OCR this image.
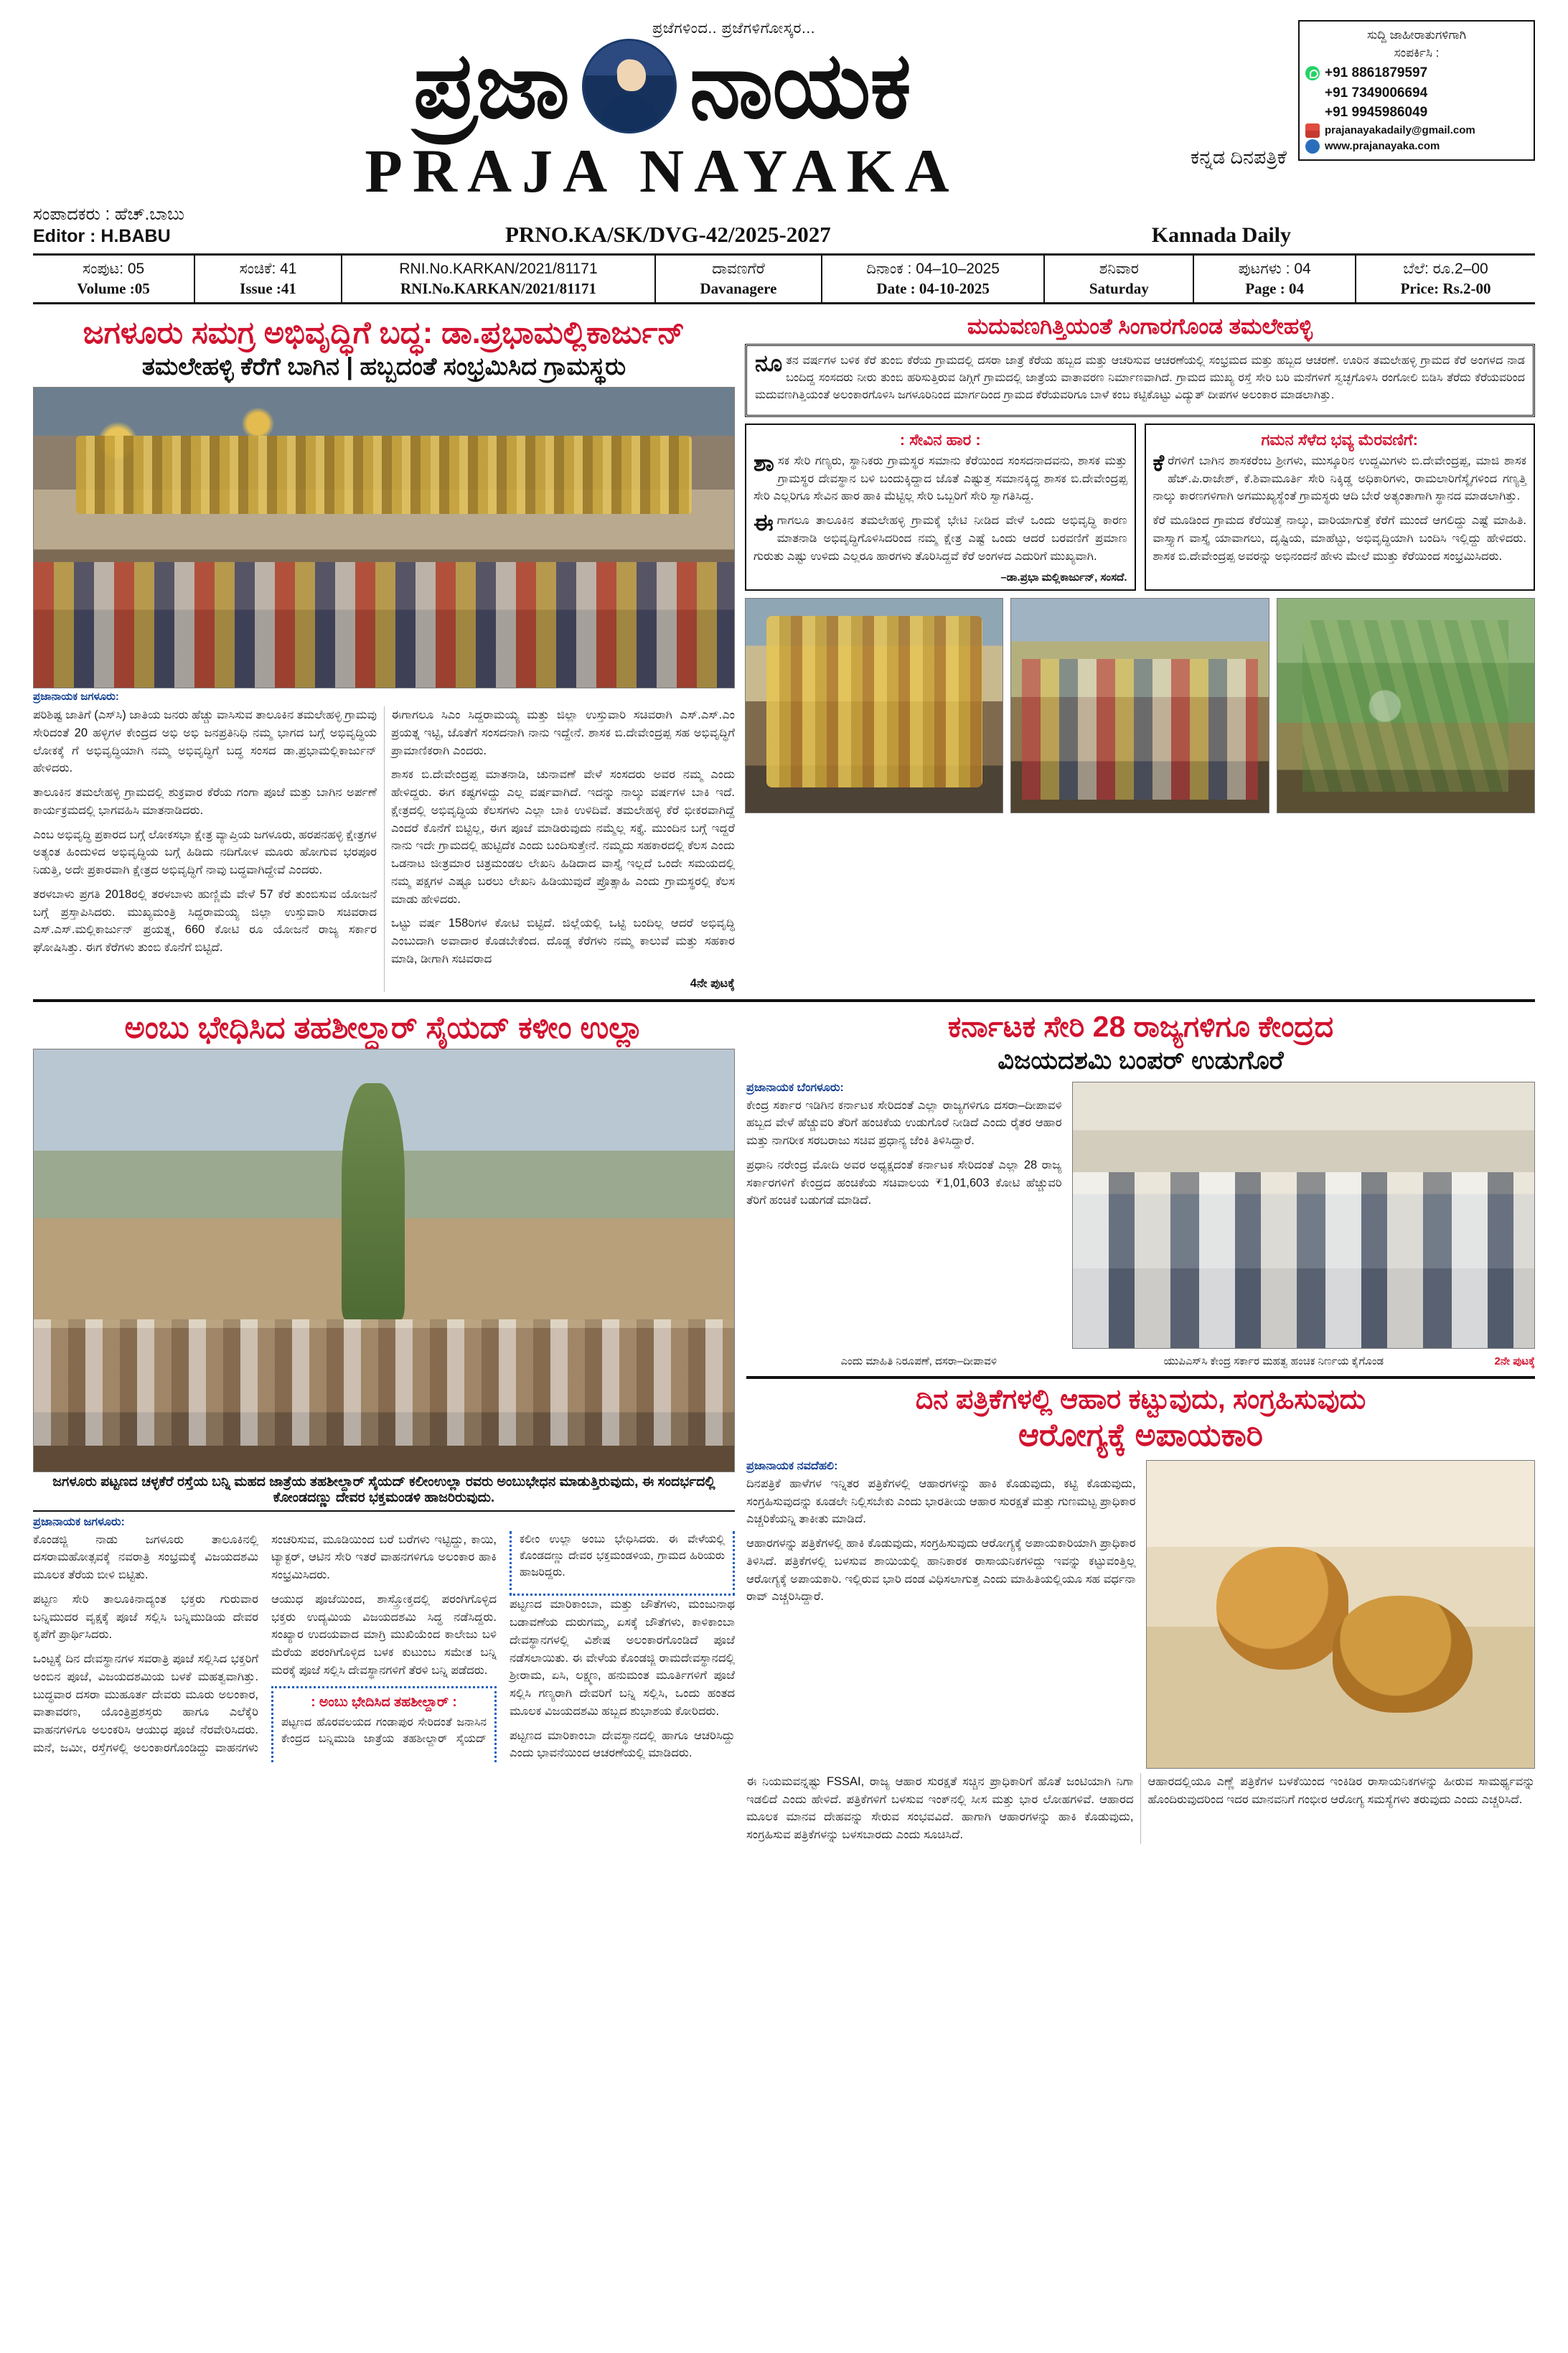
ಪ್ರಜೆಗಳಿಂದ.. ಪ್ರಜೆಗಳಿಗೋಸ್ಕರ...
ಪ್ರಜಾ ನಾಯಕ
ಕನ್ನಡ ದಿನಪತ್ರಿಕೆ
PRAJA NAYAKA
ಸಂಪಾದಕರು : ಹೆಚ್.ಬಾಬು
Editor : H.BABU	PRNO.KA/SK/DVG-42/2025-2027	Kannada Daily
ಸುದ್ದಿ ಜಾಹೀರಾತುಗಳಿಗಾಗಿ
ಸಂಪರ್ಕಿಸಿ :
+91 8861879597
+91 7349006694
+91 9945986049
prajanayakadaily@gmail.com
www.prajanayaka.com
ಸಂಪುಟ: 05
Volume :05
ಸಂಚಿಕೆ: 41
Issue :41
RNI.No.KARKAN/2021/81171
RNI.No.KARKAN/2021/81171
ದಾವಣಗೆರೆ
Davanagere
ದಿನಾಂಕ : 04–10–2025
Date : 04-10-2025
ಶನಿವಾರ
Saturday
ಪುಟಗಳು : 04
Page : 04
ಬೆಲೆ: ರೂ.2–00
Price: Rs.2-00
ಜಗಳೂರು ಸಮಗ್ರ ಅಭಿವೃದ್ಧಿಗೆ ಬದ್ಧ: ಡಾ.ಪ್ರಭಾಮಲ್ಲಿಕಾರ್ಜುನ್
ತಮಲೇಹಳ್ಳಿ ಕೆರೆಗೆ ಬಾಗಿನ | ಹಬ್ಬದಂತೆ ಸಂಭ್ರಮಿಸಿದ ಗ್ರಾಮಸ್ಥರು
ಪ್ರಜಾನಾಯಕ ಜಗಳೂರು:

ಪರಿಶಿಷ್ಟ ಜಾತಿಗೆ (ಎಸ್‌ಸಿ) ಜಾತಿಯ ಜನರು ಹೆಚ್ಚು ವಾಸಿಸುವ ತಾಲೂಕಿನ ತಮಲೇಹಳ್ಳಿ ಗ್ರಾಮವು ಸೇರಿದಂತೆ 20 ಹಳ್ಳಿಗಳ ಕೇಂದ್ರದ ಅಭಿ ಅಭಿ ಜನಪ್ರತಿನಿಧಿ ನಮ್ಮ ಭಾಗದ ಬಗ್ಗೆ ಅಭಿವೃದ್ಧಿಯ ಲೋಕಕ್ಕೆ ಗೆ ಅಭಿವೃದ್ಧಿಯಾಗಿ ನಮ್ಮ ಅಭಿವೃದ್ಧಿಗೆ ಬದ್ಧ ಸಂಸದ ಡಾ.ಪ್ರಭಾಮಲ್ಲಿಕಾರ್ಜುನ್ ಹೇಳಿದರು.

ತಾಲೂಕಿನ ತಮಲೇಹಳ್ಳಿ ಗ್ರಾಮದಲ್ಲಿ ಶುಕ್ರವಾರ ಕೆರೆಯ ಗಂಗಾ ಪೂಜೆ ಮತ್ತು ಬಾಗಿನ ಅರ್ಪಣೆ ಕಾರ್ಯಕ್ರಮದಲ್ಲಿ ಭಾಗವಹಿಸಿ ಮಾತನಾಡಿದರು.

ಎಂಬ ಅಭಿವೃದ್ಧಿ ಪ್ರಕಾರದ ಬಗ್ಗೆ ಲೋಕಸಭಾ ಕ್ಷೇತ್ರ ವ್ಯಾಪ್ತಿಯ ಜಗಳೂರು, ಹರಪನಹಳ್ಳಿ ಕ್ಷೇತ್ರಗಳ ಅತ್ಯಂತ ಹಿಂದುಳಿದ ಅಭಿವೃದ್ಧಿಯ ಬಗ್ಗೆ ಹಿಡಿದು ನದಿಗೋಳ ಮೂರು ಹೋಗುವ ಭರಪೂರ ನಿಡುತ್ತಿ, ಅದೇ ಪ್ರಕಾರವಾಗಿ ಕ್ಷೇತ್ರದ ಅಭಿವೃದ್ಧಿಗೆ ನಾವು ಬದ್ಧವಾಗಿದ್ದೇವೆ ಎಂದರು.

ತರಳಬಾಳು ಪ್ರಗತಿ 2018ರಲ್ಲಿ ತರಳಬಾಳು ಹುಣ್ಣಿಮೆ ವೇಳೆ 57 ಕೆರೆ ತುಂಬಿಸುವ ಯೋಜನೆ ಬಗ್ಗೆ ಪ್ರಸ್ತಾಪಿಸಿದರು. ಮುಖ್ಯಮಂತ್ರಿ ಸಿದ್ದರಾಮಯ್ಯ ಜಿಲ್ಲಾ ಉಸ್ತುವಾರಿ ಸಚಿವರಾದ ಎಸ್.ಎಸ್.ಮಲ್ಲಿಕಾರ್ಜುನ್ ಪ್ರಯತ್ನ, 660 ಕೋಟಿ ರೂ ಯೋಜನೆ ರಾಜ್ಯ ಸರ್ಕಾರ ಘೋಷಿಸಿತ್ತು. ಈಗ ಕೆರೆಗಳು ತುಂಬಿ ಕೊನೆಗೆ ಬಿಟ್ಟಿದೆ.

ಈಗಾಗಲೂ ಸಿಎಂ ಸಿದ್ದರಾಮಯ್ಯ ಮತ್ತು ಜಿಲ್ಲಾ ಉಸ್ತುವಾರಿ ಸಚಿವರಾಗಿ ಎಸ್.ಎಸ್.ಎಂ ಪ್ರಯತ್ನ ಇಟ್ಟಿ, ಜೊತೆಗೆ ಸಂಸದನಾಗಿ ನಾನು ಇದ್ದೇನೆ. ಶಾಸಕ ಬಿ.ದೇವೇಂದ್ರಪ್ಪ ಸಹ ಅಭಿವೃದ್ಧಿಗೆ ಪ್ರಾಮಾಣಿಕರಾಗಿ ಎಂದರು.

ಶಾಸಕ ಬಿ.ದೇವೇಂದ್ರಪ್ಪ ಮಾತನಾಡಿ, ಚುನಾವಣೆ ವೇಳೆ ಸಂಸದರು ಅವರ ನಮ್ಮ ಎಂದು ಹೇಳಿದ್ದರು. ಈಗ ಕಷ್ಟಗಳಿದ್ದು ಎಲ್ಲ ವರ್ಷವಾಗಿದೆ. ಇದನ್ನು ನಾಲ್ಕು ವರ್ಷಗಳ ಬಾಕಿ ಇದೆ. ಕ್ಷೇತ್ರದಲ್ಲಿ ಅಭಿವೃದ್ಧಿಯ ಕೆಲಸಗಳು ಎಲ್ಲಾ ಬಾಕಿ ಉಳಿದಿವೆ. ತಮಲೇಹಳ್ಳಿ ಕೆರೆ ಭೀಕರವಾಗಿದ್ದೆ ಎಂದರೆ ಕೊನೆಗೆ ಬಿಟ್ಟಿಲ್ಲ, ಈಗ ಪೂಜೆ ಮಾಡಿರುವುದು ನಮ್ಮೆಲ್ಲ ಸಕ್ತೈ. ಮುಂದಿನ ಬಗ್ಗೆ ಇದ್ದರೆ ನಾನು ಇದೇ ಗ್ರಾಮದಲ್ಲಿ ಹುಟ್ಟಿದೆಕ ಎಂದು ಬಂದಿಸುತ್ತೇನೆ. ನಮ್ಮದು ಸಹಕಾರದಲ್ಲಿ ಕೆಲಸ ಎಂದು ಒಡನಾಟ ಜೀತ್ರಮಾರ ಚಿತ್ರಮಂಡಲ ಲೇಖನಿ ಹಿಡಿದಾದ ವಾಸ್ತೈ ಇಲ್ಲದೆ ಒಂದೇ ಸಮಯದಲ್ಲಿ ನಮ್ಮ ಪಕ್ಷಗಳ ಎಷ್ಟೂ ಬರಲು ಲೇಖನಿ ಹಿಡಿಯುವುದೆ ಪ್ರೊತ್ಸಾಹಿ ಎಂದು ಗ್ರಾಮಸ್ಥರಲ್ಲಿ ಕೆಲಸ ಮಾಡು ಹೇಳಿದರು.

ಒಟ್ಟು ವರ್ಷ 158ರಿಗಳ ಕೋಟಿ ಬಿಟ್ಟಿದೆ. ಜಿಲ್ಲೆಯಲ್ಲಿ ಒಟ್ಟಿ ಬಂದಿಲ್ಲ ಆದರೆ ಅಭಿವೃದ್ಧಿ ಎಂಬುದಾಗಿ ಅವಾದಾರ ಕೊಡಬೇಕೆಂದ. ದೊಡ್ಡ ಕೆರೆಗಳು ನಮ್ಮ ಕಾಲುವೆ ಮತ್ತು ಸಹಕಾರ ಮಾಡಿ, ಡೀಗಾಗಿ ಸಚಿವರಾದ

4ನೇ ಪುಟಕ್ಕೆ

ಮದುವಣಗಿತ್ತಿಯಂತೆ ಸಿಂಗಾರಗೊಂಡ ತಮಲೇಹಳ್ಳಿ

ನೂತನ ವರ್ಷಗಳ ಬಳಿಕ ಕೆರೆ ತುಂಬಿ ಕೆರೆಯ ಗ್ರಾಮದಲ್ಲಿ ದಸರಾ ಜಾತ್ರೆ ಕೆರೆಯ ಹಬ್ಬದ ಮತ್ತು ಆಚರಿಸುವ ಆಚರಣೆಯಲ್ಲಿ ಸಂಭ್ರಮದ ಮತ್ತು ಹಬ್ಬದ ಆಚರಣೆ. ಊರಿನ ತಮಲೇಹಳ್ಳಿ ಗ್ರಾಮದ ಕೆರೆ ಅಂಗಳದ ನಾಡ ಬಂದಿದ್ದ ಸಂಸದರು ನೀರು ತುಂಬಿ ಹರಿಸುತ್ತಿರುವ ಡಿಗ್ಗಿಗೆ ಗ್ರಾಮದಲ್ಲಿ ಜಾತ್ರೆಯ ವಾತಾವರಣ ನಿರ್ಮಾಣವಾಗಿದೆ. ಗ್ರಾಮದ ಮುಖ್ಯ ರಸ್ತೆ ಸೇರಿ ಬರಿ ಮನೆಗಳಿಗೆ ಸ್ವಚ್ಛಗೊಳಿಸಿ ರಂಗೋಲಿ ಬಿಡಿಸಿ ತೆರೆದು ಕೆರೆಯವರಿಂದ ಮದುವಣಗಿತ್ತಿಯಂತೆ ಅಲಂಕಾರಗೊಳಿಸಿ ಜಗಳೂರಿನಿಂದ ಮಾರ್ಗದಿಂದ ಗ್ರಾಮದ ಕೆರೆಯವರಿಗೂ ಬಾಳೆ ಕಂಬ ಕಟ್ಟಿಕೊಟ್ಟು ವಿದ್ಯುತ್ ದೀಪಗಳ ಅಲಂಕಾರ ಮಾಡಲಾಗಿತ್ತು.

: ಸೇವಿನ ಹಾರ :

ಶಾಸಕ ಸೇರಿ ಗಣ್ಯರು, ಸ್ಥಾನಿಕರು ಗ್ರಾಮಸ್ಥರ ಸಮಾನು ಕೆರೆಯಿಂದ ಸಂಸದನಾದವನು, ಶಾಸಕ ಮತ್ತು ಗ್ರಾಮಸ್ಥರ ದೇವಸ್ಥಾನ ಬಳಿ ಬಂದುಕ್ಕಿದ್ದಾದ ಜೊತೆ ಎಷ್ಟುತ್ತ ಸಮಾನಕ್ಕಿದ್ದ ಶಾಸಕ ಬಿ.ದೇವೇಂದ್ರಪ್ಪ ಸೇರಿ ಎಲ್ಲರಿಗೂ ಸೇವಿನ ಹಾರ ಹಾಕಿ ಮೆಟ್ಟಿಲ್ಲ ಸೇರಿ ಒಬ್ಬರಿಗೆ ಸೇರಿ ಸ್ವಾಗತಿಸಿದ್ದ.

ಈಗಾಗಲೂ ತಾಲೂಕಿನ ತಮಲೇಹಳ್ಳಿ ಗ್ರಾಮಕ್ಕೆ ಭೇಟಿ ನೀಡಿದ ವೇಳೆ ಒಂದು ಅಭಿವೃದ್ಧಿ ಕಾರಣ ಮಾತನಾಡಿ ಅಭಿವೃದ್ಧಿಗೊಳಿಸಿದರಿಂದ ನಮ್ಮ ಕ್ಷೇತ್ರ ಎಷ್ಟೆ ಒಂದು ಆದರೆ ಬರವಣಿಗೆ ಪ್ರಮಾಣ ಗುರುತು ಎಷ್ಟು ಉಳಿದು ಎಲ್ಲರೂ ಹಾರಗಳು ತೊರಿಸಿದ್ದವೆ ಕೆರೆ ಅಂಗಳದ ಎದುರಿಗೆ ಮುಖ್ಯವಾಗಿ.

–ಡಾ.ಪ್ರಭಾ ಮಲ್ಲಿಕಾರ್ಜುನ್, ಸಂಸದೆ.
ಗಮನ ಸೆಳೆದ ಭವ್ಯ ಮೆರವಣಿಗೆ:

ಕೆರೆಗಳಿಗೆ ಬಾಗಿನ ಶಾಸಕರೆಂಬ ಶ್ರೀಗಳು, ಮುಸ್ಕೂರಿನ ಉದ್ದಮಿಗಳು ಬಿ.ದೇವೇಂದ್ರಪ್ಪ, ಮಾಜಿ ಶಾಸಕ ಹೆಚ್.ಪಿ.ರಾಜೇಶ್, ಕೆ.ಶಿವಾಮೂರ್ತಿ ಸೇರಿ ನಿಕ್ಕಿಡ್ಡ ಅಧಿಕಾರಿಗಳು, ರಾಮಲಾರಿಗೆಸ್ಕೈಗಳಿಂದ ಗಣ್ಯತ್ತಿ ನಾಲ್ಕು ಕಾರಣಗಳಿಗಾಗಿ ಅಗಮುಖ್ಯಸ್ಥೆಂತೆ ಗ್ರಾಮಸ್ಥರು ಆದಿ ಬೇರೆ ಅತ್ಯಂತಾಗಾಗಿ ಸ್ಥಾನದ ಮಾಡಲಾಗಿತ್ತು.

ಕೆರೆ ಮೂಡಿಂದ ಗ್ರಾಮದ ಕೆರೆಯಿತ್ತೆ ನಾಲ್ಕು, ವಾರಿಯಾಗುತ್ತೆ ಕೆರೆಗೆ ಮುಂದೆ ಆಗಲಿದ್ದು ಎಷ್ಟೆ ಮಾಹಿತಿ. ವಾಸ್ತ್ಯಾಗ ವಾಸ್ತೈ ಯಾವಾಗಲು, ದೃಷ್ಟಿಯ, ಮಾಹೆಟ್ಟು, ಅಭಿವೃದ್ಧಿಯಾಗಿ ಬಂದಿಸಿ ಇಲ್ಲಿದ್ದು ಹೇಳಿದರು. ಶಾಸಕ ಬಿ.ದೇವೇಂದ್ರಪ್ಪ ಅವರನ್ನು ಅಭಿನಂದನೆ ಹೇಳು ಮೇಲೆ ಮುತ್ತು ಕೆರೆಯಿಂದ ಸಂಭ್ರಮಿಸಿದರು.

ಅಂಬು ಭೇಧಿಸಿದ ತಹಶೀಲ್ದಾರ್ ಸೈಯದ್ ಕಳೀಂ ಉಲ್ಲಾ
ಜಗಳೂರು ಪಟ್ಟಣದ ಚಳ್ಳಕೆರೆ ರಸ್ತೆಯ ಬನ್ನಿ ಮಹದ ಜಾತ್ರೆಯ ತಹಶೀಲ್ದಾರ್ ಸೈಯದ್ ಕಲೀಂಉಲ್ಲಾ ರವರು ಅಂಬುಭೇಧನ ಮಾಡುತ್ತಿರುವುದು, ಈ ಸಂದರ್ಭದಲ್ಲಿ ಕೋಂಡದಣ್ಣು ದೇವರ ಭಕ್ತಮಂಡಳಿ ಹಾಜರಿರುವುದು.
ಪ್ರಜಾನಾಯಕ ಜಗಳೂರು:

ಕೊಂಡಜ್ಜಿ ನಾಡು ಜಗಳೂರು ತಾಲೂಕಿನಲ್ಲಿ ದಸರಾಮಹೋತ್ಸವಕ್ಕೆ ನವರಾತ್ರಿ ಸಂಭ್ರಮಕ್ಕೆ ವಿಜಯದಶಮಿ ಮೂಲಕ ತೆರೆಯ ಬೀಳಿ ಬಿಟ್ಟಿತು.

ಪಟ್ಟಣ ಸೇರಿ ತಾಲೂಕಿನಾದ್ಯಂತ ಭಕ್ತರು ಗುರುವಾರ ಬನ್ನಿಮುದರ ವೃಕ್ಷಕ್ಕೆ ಪೂಜೆ ಸಲ್ಲಿಸಿ ಬನ್ನಿಮುಡಿಯ ದೇವರ ಕೃಪೆಗೆ ಪ್ರಾರ್ಥಿಸಿದರು.

ಒಂಟ್ಟಕ್ಕೆ ದಿನ ದೇವಸ್ಥಾನಗಳ ಸವರಾತ್ರಿ ಪೂಜೆ ಸಲ್ಲಿಸಿದ ಭಕ್ತರಿಗೆ ಅಂಬಿನ ಪೂಜೆ, ವಿಜಯದಶಮಿಯ ಬಳಕೆ ಮಹತ್ವವಾಗಿತ್ತು. ಬುದ್ಧವಾರ ದಸರಾ ಮುಹೂರ್ತ ದೇವರು ಮೂರು ಅಲಂಕಾರ, ವಾತಾವರಣ, ಯೊಂತ್ರಿಪ್ರಶಸ್ತರು ಹಾಗೂ ಎಲೆಕ್ಕೆರಿ ವಾಹನಗಳಿಗೂ ಅಲಂಕರಿಸಿ ಆಯುಧ ಪೂಜೆ ನೆರವೇರಿಸಿದರು. ಮನೆ, ಜಮೀ, ರಸ್ತೆಗಳಲ್ಲಿ ಅಲಂಕಾರಗೊಂಡಿದ್ದು ವಾಹನಗಳು ಸಂಚರಿಸುವ, ಮೂಡಿಯಿಂದ ಬರೆ ಬರೆಗಳು ಇಟ್ಟಿದ್ದು, ಕಾಯಿ, ಟ್ಯಾಕ್ಟರ್, ಆಟಿನ ಸೇರಿ ಇತರೆ ವಾಹನಗಳಿಗೂ ಅಲಂಕಾರ ಹಾಕಿ ಸಂಭ್ರಮಿಸಿದರು.

ಆಯುಧ ಪೂಜೆಯಿಂದ, ಶಾಸ್ತ್ರೋಕ್ತದಲ್ಲಿ ಪರಂಗಿಗೊಳ್ಳಿದ ಭಕ್ತರು ಉದ್ಯಮಿಯ ವಿಜಯದಶಮಿ ಸಿದ್ಧ ನಡೆಸಿದ್ದರು. ಸಂಖ್ಯಾರ ಉದಯವಾದ ಮಾಗ್ರಿ ಮುಖಿಯೆಂದ ಕಾಲೇಜು ಬಳಿ ಮೆರೆಯ ಪರಂಗಿಗೊಳ್ಳಿದ ಬಳಕ ಕುಟುಂಬ ಸಮೇತ ಬನ್ನಿ ಮರಕ್ಕೆ ಪೂಜೆ ಸಲ್ಲಿಸಿ ದೇವಸ್ಥಾನಗಳಿಗೆ ತೆರಳಿ ಬನ್ನಿ ಪಡೆದರು.

: ಅಂಬು ಭೇದಿಸಿದ ತಹಶೀಲ್ದಾರ್ :

ಪಟ್ಟಣದ ಹೊರವಲಯದ ಗಂಡಾಪುರ ಸೇರಿದಂತೆ ಜನಾಸಿನ ಕೇಂದ್ರದ ಬನ್ನಿಮುಡಿ ಜಾತ್ರೆಯ ತಹಶೀಲ್ದಾರ್ ಸೈಯದ್ ಕಲೀಂ ಉಲ್ಲಾ ಅಂಬು ಭೇಧಿಸಿದರು. ಈ ವೇಳೆಯಲ್ಲಿ ಕೊಂಡದಣ್ಣು ದೇವರ ಭಕ್ತಮಂಡಳಿಯ, ಗ್ರಾಮದ ಹಿರಿಯರು ಹಾಜರಿದ್ದರು.

ಪಟ್ಟಣದ ಮಾರಿಕಾಂಬಾ, ಮತ್ತು ಜೌತೆಗಳು, ಮಂಜುನಾಥ ಬಡಾವಣೆಯ ದುರುಗಮ್ಮ, ಏಸಕ್ಕೆ ಜೌತೆಗಳು, ಕಾಳಿಕಾಂಬಾ ದೇವಸ್ಥಾನಗಳಲ್ಲಿ ವಿಶೇಷ ಅಲಂಕಾರಗೊಂಡಿದೆ ಪೂಜೆ ನಡೆಸಲಾಯಿತು. ಈ ವೇಳೆಯ ಕೊಂಡಜ್ಜಿ ರಾಮದೇವಸ್ಥಾನದಲ್ಲಿ ಶ್ರೀರಾಮ, ಏಸಿ, ಲಕ್ಷ್ಮಣ, ಹನುಮಂತ ಮೂರ್ತಿಗಳಿಗೆ ಪೂಜೆ ಸಲ್ಲಿಸಿ ಗಣ್ಯರಾಗಿ ದೇವರಿಗೆ ಬನ್ನಿ ಸಲ್ಲಿಸಿ, ಒಂದು ಹಂತದ ಮೂಲಕ ವಿಜಯದಶಮಿ ಹಬ್ಬದ ಶುಭಾಶಯ ಕೋರಿದರು.

ಪಟ್ಟಣದ ಮಾರಿಕಾಂಬಾ ದೇವಸ್ಥಾನದಲ್ಲಿ ಹಾಗೂ ಆಚರಿಸಿದ್ದು ಎಂದು ಭಾವನೆಯಿಂದ ಆಚರಣೆಯಲ್ಲಿ ಮಾಡಿದರು.

ಕರ್ನಾಟಕ ಸೇರಿ 28 ರಾಜ್ಯಗಳಿಗೂ ಕೇಂದ್ರದ
ವಿಜಯದಶಮಿ ಬಂಪರ್ ಉಡುಗೊರೆ
ಪ್ರಜಾನಾಯಕ ಬೆಂಗಳೂರು:

ಕೇಂದ್ರ ಸರ್ಕಾರ ಇಡಿಗಿನ ಕರ್ನಾಟಕ ಸೇರಿದಂತೆ ಎಲ್ಲಾ ರಾಜ್ಯಗಳಿಗೂ ದಸರಾ–ದೀಪಾವಳಿ ಹಬ್ಬದ ವೇಳೆ ಹೆಚ್ಚುವರಿ ತೆರಿಗೆ ಹಂಚಿಕೆಯ ಉಡುಗೊರೆ ನೀಡಿದೆ ಎಂದು ರೈತರ ಆಹಾರ ಮತ್ತು ನಾಗರೀಕ ಸರಬರಾಜು ಸಚಿವ ಪ್ರಧಾನ್ಯ ಜೆಂಕಿ ತಿಳಿಸಿದ್ದಾರೆ.

ಪ್ರಧಾನಿ ನರೇಂದ್ರ ಮೋದಿ ಅವರ ಅಧ್ಯಕ್ಷದಂತೆ ಕರ್ನಾಟಕ ಸೇರಿದಂತೆ ಎಲ್ಲಾ 28 ರಾಜ್ಯ ಸರ್ಕಾರಗಳಿಗೆ ಕೇಂದ್ರದ ಹಂಚಿಕೆಯ ಸಚಿವಾಲಯ ₹1,01,603 ಕೋಟಿ ಹೆಚ್ಚುವರಿ ತೆರಿಗೆ ಹಂಚಿಕೆ ಬಡುಗಡೆ ಮಾಡಿದೆ.

ಎಂದು ಮಾಹಿತಿ ನಿರೂಪಣೆ, ದಸರಾ–ದೀಪಾವಳಿ	ಯುಪಿಎಸ್‌ಸಿ ಕೇಂದ್ರ ಸರ್ಕಾರ ಮಹತ್ವ ಹಂಚಿಕ ನಿರ್ಣಯ ಕೈಗೊಂಡ	2ನೇ ಪುಟಕ್ಕೆ
ದಿನ ಪತ್ರಿಕೆಗಳಲ್ಲಿ ಆಹಾರ ಕಟ್ಟುವುದು, ಸಂಗ್ರಹಿಸುವುದು
ಆರೋಗ್ಯಕ್ಕೆ ಅಪಾಯಕಾರಿ
ಪ್ರಜಾನಾಯಕ ನವದೆಹಲಿ:

ದಿನಪತ್ರಿಕೆ ಹಾಳೆಗಳ ಇನ್ನಿತರ ಪತ್ರಿಕೆಗಳಲ್ಲಿ ಆಹಾರಗಳನ್ನು ಹಾಕಿ ಕೊಡುವುದು, ಕಟ್ಟಿ ಕೊಡುವುದು, ಸಂಗ್ರಹಿಸುವುದನ್ನು ಕೂಡಲೇ ನಿಲ್ಲಿಸಬೇಕು ಎಂದು ಭಾರತೀಯ ಆಹಾರ ಸುರಕ್ಷತೆ ಮತ್ತು ಗುಣಮಟ್ಟ ಪ್ರಾಧಿಕಾರ ಎಚ್ಚರಿಕೆಯನ್ನಿ ತಾಕೀತು ಮಾಡಿದೆ.

ಆಹಾರಗಳನ್ನು ಪತ್ರಿಕೆಗಳಲ್ಲಿ ಹಾಕಿ ಕೊಡುವುದು, ಸಂಗ್ರಹಿಸುವುದು ಆರೋಗ್ಯಕ್ಕೆ ಅಪಾಯಕಾರಿಯಾಗಿ ಪ್ರಾಧಿಕಾರ ತಿಳಿಸಿದೆ. ಪತ್ರಿಕೆಗಳಲ್ಲಿ ಬಳಸುವ ಶಾಯಿಯಲ್ಲಿ ಹಾನಿಕಾರಕ ರಾಸಾಯನಿಕಗಳಿದ್ದು ಇವನ್ನು ಕಟ್ಟುವಂತ್ತಿಲ್ಲ ಆರೋಗ್ಯಕ್ಕೆ ಅಪಾಯಕಾರಿ. ಇಲ್ಲಿರುವ ಭಾರಿ ದಂಡ ವಿಧಿಸಲಾಗುತ್ತ ಎಂದು ಮಾಹಿತಿಯಲ್ಲಿಯೂ ಸಹ ವರ್ಧನಾ ರಾವ್ ಎಚ್ಚರಿಸಿದ್ದಾರೆ.

ಈ ನಿಯಮವನ್ನಷ್ಟು FSSAI, ರಾಜ್ಯ ಆಹಾರ ಸುರಕ್ಷತೆ ಸಚ್ಚಿನ ಪ್ರಾಧಿಕಾರಿಗೆ ಹೊತೆ ಜಂಟಿಯಾಗಿ ನಿಗಾ ಇಡಲಿದೆ ಎಂದು ಹೇಳಿದೆ. ಪತ್ರಿಕೆಗಳಿಗೆ ಬಳಸುವ ಇಂಕ್‌ನಲ್ಲಿ ಸೀಸ ಮತ್ತು ಭಾರ ಲೋಹಗಳಿವೆ. ಆಹಾರದ ಮೂಲಕ ಮಾನವ ದೇಹವನ್ನು ಸೇರುವ ಸಂಭವವಿದೆ. ಹಾಗಾಗಿ ಆಹಾರಗಳನ್ನು ಹಾಕಿ ಕೊಡುವುದು, ಸಂಗ್ರಹಿಸುವ ಪತ್ರಿಕೆಗಳನ್ನು ಬಳಸಬಾರದು ಎಂದು ಸೂಚಿಸಿದೆ.

ಆಹಾರದಲ್ಲಿಯೂ ಎಣ್ಣೆ ಪತ್ರಿಕೆಗಳ ಬಳಕೆಯಿಂದ ಇಂಕಿಡಿರ ರಾಸಾಯನಿಕಗಳನ್ನು ಹೀರುವ ಸಾಮರ್ಥ್ಯವನ್ನು ಹೊಂದಿರುವುದರಿಂದ ಇದರ ಮಾನವನಿಗೆ ಗಂಭೀರ ಆರೋಗ್ಯ ಸಮಸ್ಯೆಗಳು ತರುವುದು ಎಂದು ಎಚ್ಚರಿಸಿದೆ.
